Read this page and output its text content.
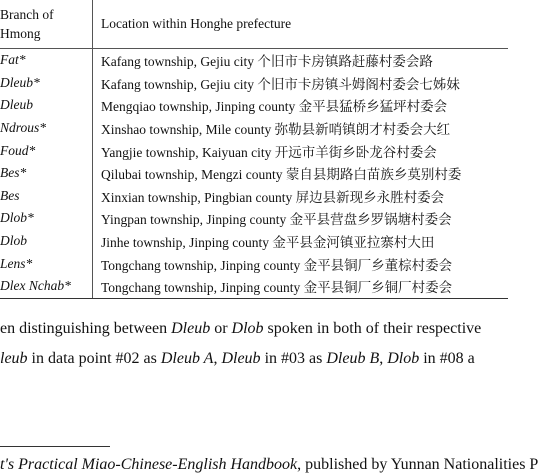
Branch of
Hmong	Location within Honghe prefecture
Fat*	Kafang township, Gejiu city 个旧市卡房镇路赶藤村委会路
Dleub*	Kafang township, Gejiu city 个旧市卡房镇斗姆阁村委会七姊妹
Dleub	Mengqiao township, Jinping county 金平县猛桥乡猛坪村委会
Ndrous*	Xinshao township, Mile county 弥勒县新哨镇朗才村委会大红
Foud*	Yangjie township, Kaiyuan city 开远市羊街乡卧龙谷村委会
Bes*	Qilubai township, Mengzi county 蒙自县期路白苗族乡莫别村委
Bes	Xinxian township, Pingbian county 屏边县新现乡永胜村委会
Dlob*	Yingpan township, Jinping county 金平县营盘乡罗锅塘村委会
Dlob	Jinhe township, Jinping county 金平县金河镇亚拉寨村大田
Lens*	Tongchang township, Jinping county 金平县铜厂乡董棕村委会
Dlex Nchab*	Tongchang township, Jinping county 金平县铜厂乡铜厂村委会
en distinguishing between Dleub or Dlob spoken in both of their respective
leub in data point #02 as Dleub A, Dleub in #03 as Dleub B, Dlob in #08 a
t's Practical Miao-Chinese-English Handbook, published by Yunnan Nationalities P
